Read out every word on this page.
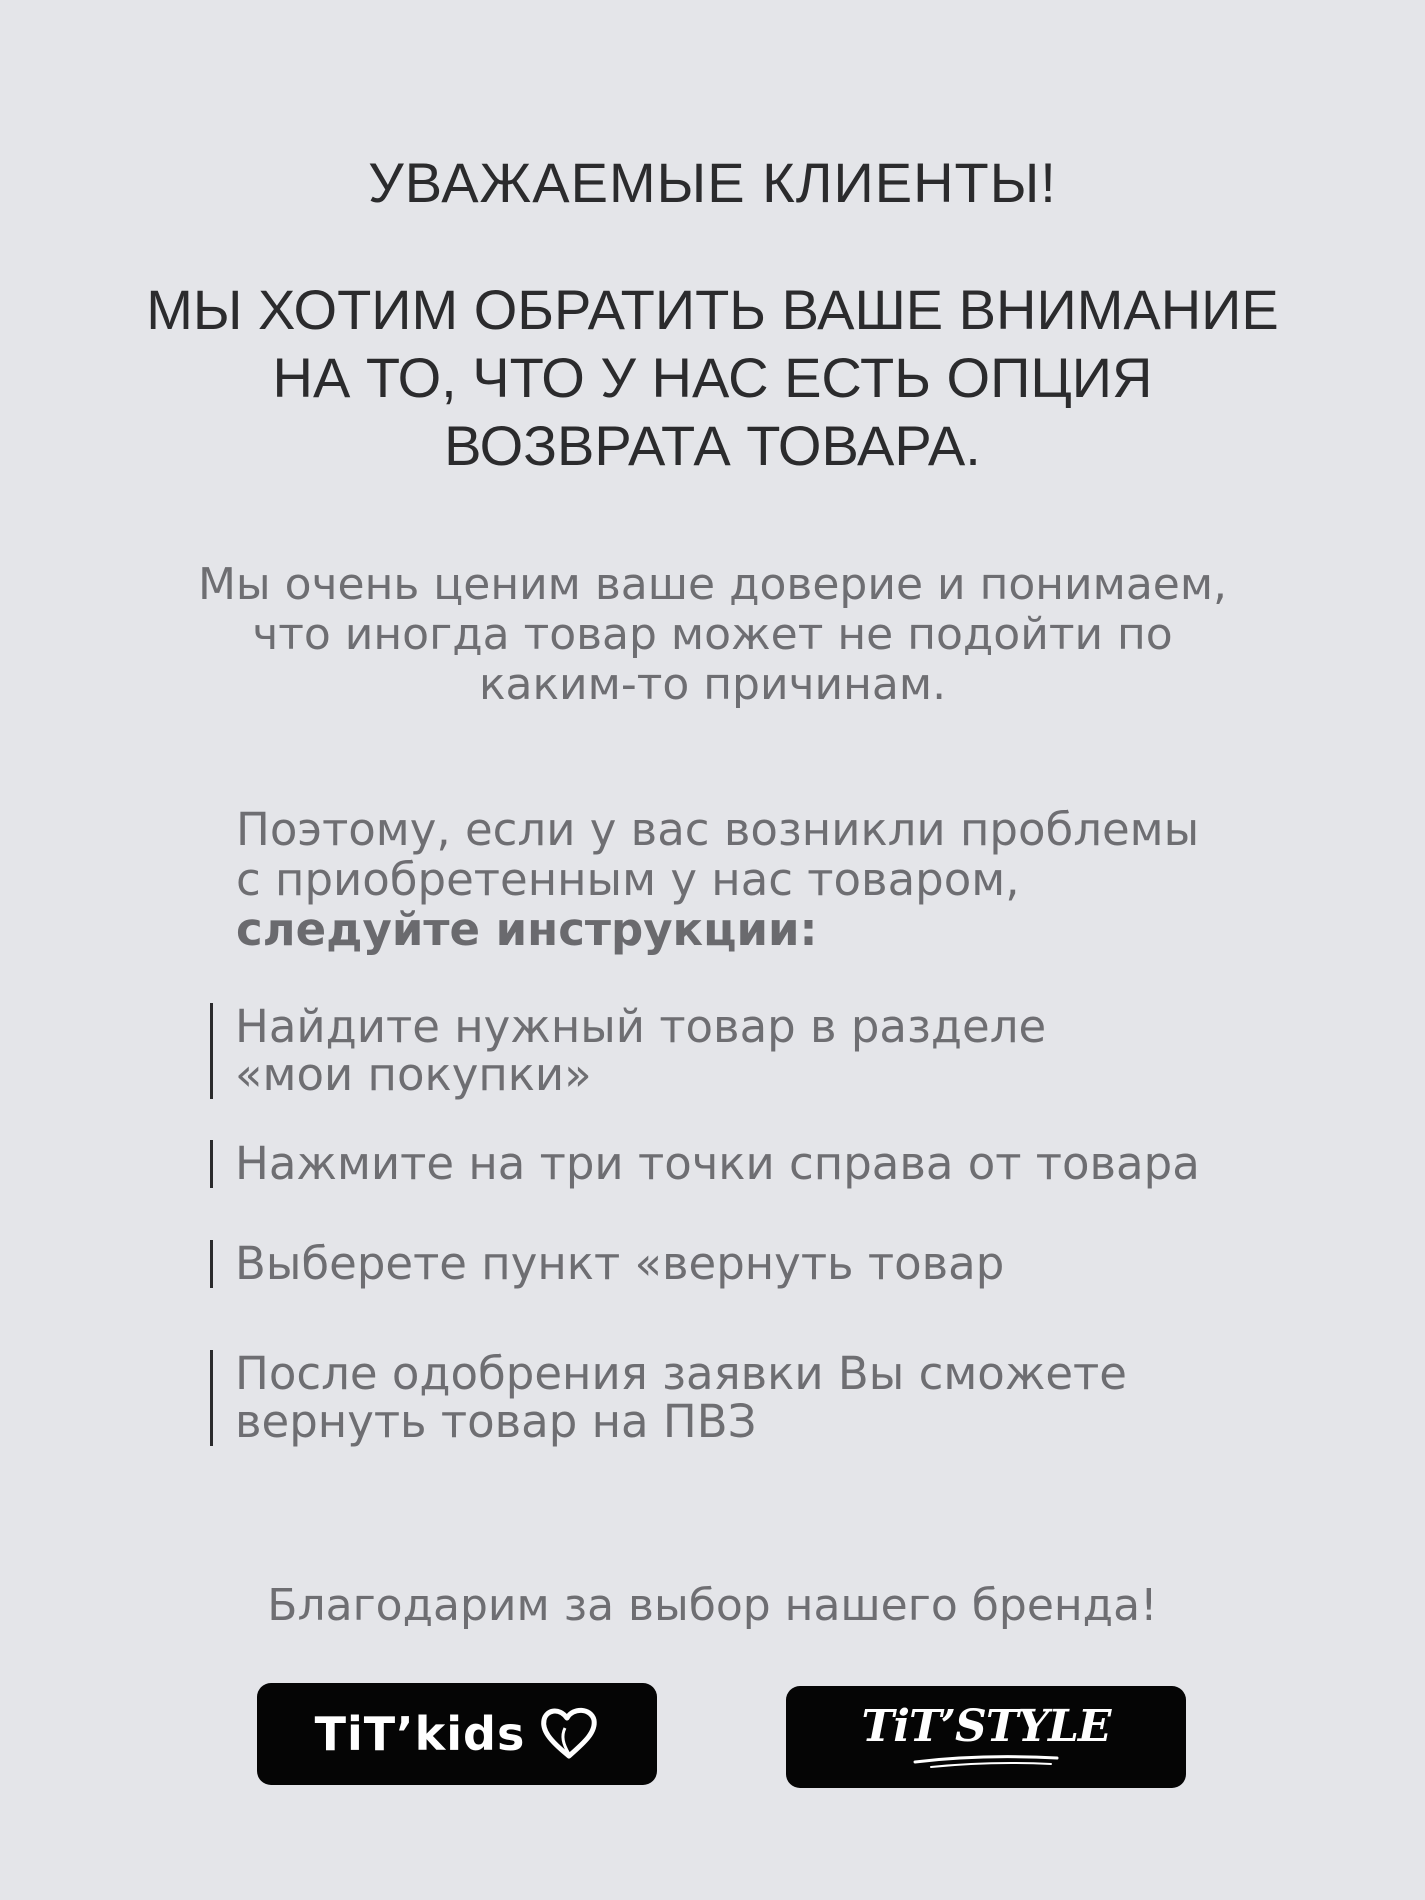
УВАЖАЕМЫЕ КЛИЕНТЫ!
МЫ ХОТИМ ОБРАТИТЬ ВАШЕ ВНИМАНИЕ
НА ТО, ЧТО У НАС ЕСТЬ ОПЦИЯ
ВОЗВРАТА ТОВАРА.

Мы очень ценим ваше доверие и понимаем,
что иногда товар может не подойти по
каким-то причинам.

Поэтому, если у вас возникли проблемы
с приобретенным у нас товаром,
следуйте инструкции:

Найдите нужный товар в разделе
«мои покупки»
Нажмите на три точки справа от товара
Выберете пункт «вернуть товар
После одобрения заявки Вы сможете
вернуть товар на ПВЗ

Благодарим за выбор нашего бренда!

TiT’kids	TiT’STYLE
